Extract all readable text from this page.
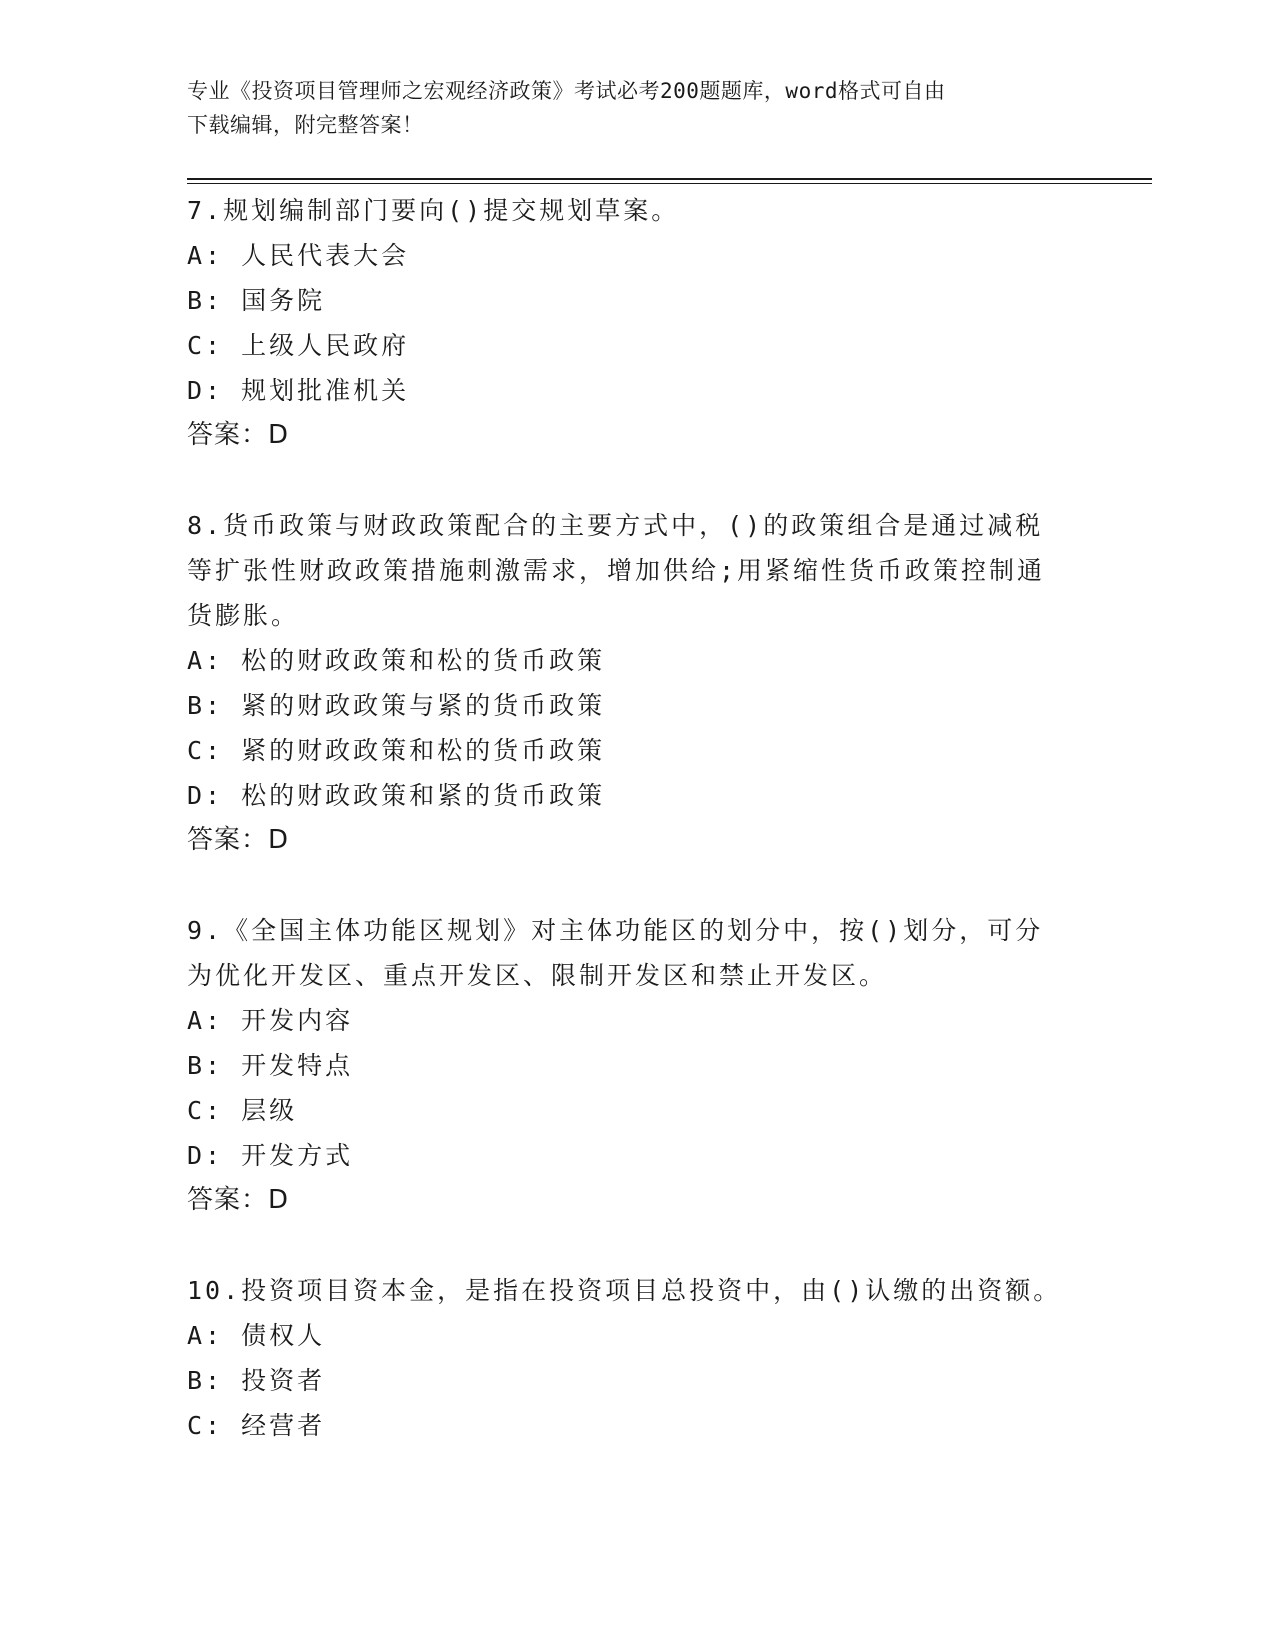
专业《投资项目管理师之宏观经济政策》考试必考200题题库，word格式可自由
下载编辑，附完整答案！
7.规划编制部门要向()提交规划草案。
A: 人民代表大会
B: 国务院
C: 上级人民政府
D: 规划批准机关
答案：D
8.货币政策与财政政策配合的主要方式中，()的政策组合是通过减税
等扩张性财政政策措施刺激需求，增加供给;用紧缩性货币政策控制通
货膨胀。
A: 松的财政政策和松的货币政策
B: 紧的财政政策与紧的货币政策
C: 紧的财政政策和松的货币政策
D: 松的财政政策和紧的货币政策
答案：D
9.《全国主体功能区规划》对主体功能区的划分中，按()划分，可分
为优化开发区、重点开发区、限制开发区和禁止开发区。
A: 开发内容
B: 开发特点
C: 层级
D: 开发方式
答案：D
10.投资项目资本金，是指在投资项目总投资中，由()认缴的出资额。
A: 债权人
B: 投资者
C: 经营者
